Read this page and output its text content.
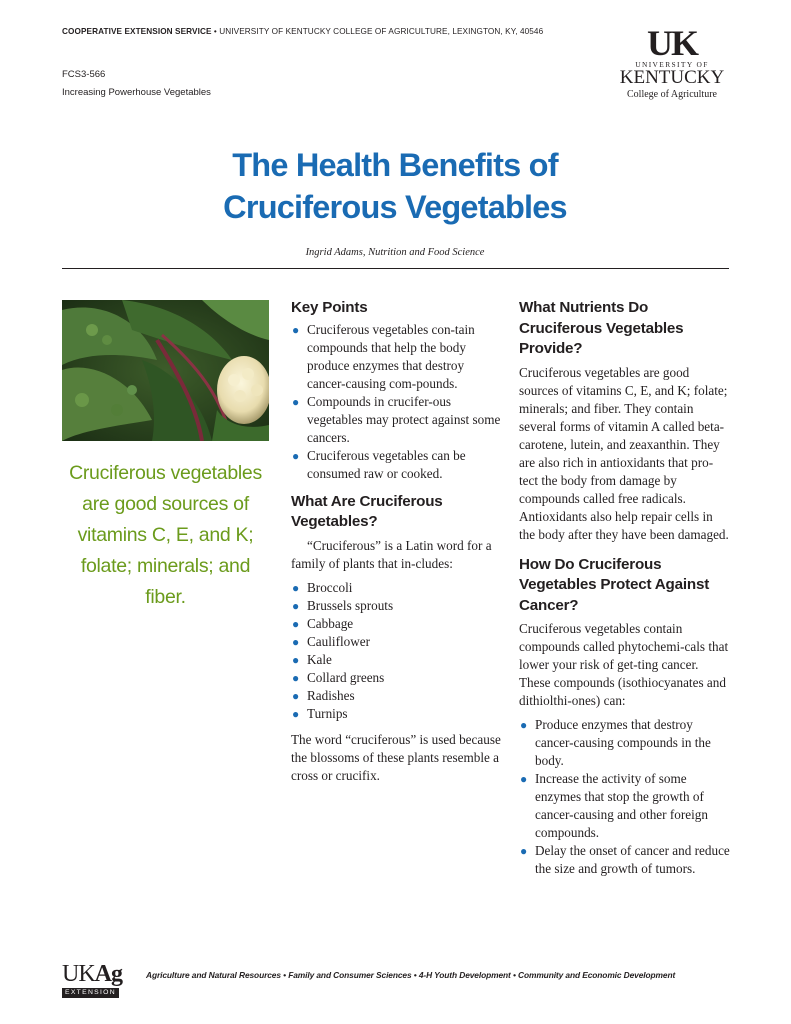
COOPERATIVE EXTENSION SERVICE • UNIVERSITY OF KENTUCKY COLLEGE OF AGRICULTURE, LEXINGTON, KY, 40546
FCS3-566
Increasing Powerhouse Vegetables
UK
UNIVERSITY OF
KENTUCKY
College of Agriculture
The Health Benefits of
Cruciferous Vegetables
Ingrid Adams, Nutrition and Food Science
Cruciferous vegetables are good sources of vitamins C, E, and K; folate; minerals; and fiber.
Key Points
● Cruciferous vegetables con-tain compounds that help the body produce enzymes that destroy cancer-causing com-pounds.
● Compounds in crucifer-ous vegetables may protect against some cancers.
● Cruciferous vegetables can be consumed raw or cooked.
What Are Cruciferous Vegetables?

“Cruciferous” is a Latin word for a family of plants that in-cludes:

● Broccoli
● Brussels sprouts
● Cabbage
● Cauliflower
● Kale
● Collard greens
● Radishes
● Turnips

The word “cruciferous” is used because the blossoms of these plants resemble a cross or crucifix.

What Nutrients Do Cruciferous Vegetables Provide?

Cruciferous vegetables are good sources of vitamins C, E, and K; folate; minerals; and fiber. They contain several forms of vitamin A called beta-carotene, lutein, and zeaxanthin. They are also rich in antioxidants that pro-tect the body from damage by compounds called free radicals. Antioxidants also help repair cells in the body after they have been damaged.

How Do Cruciferous Vegetables Protect Against Cancer?

Cruciferous vegetables contain compounds called phytochemi-cals that lower your risk of get-ting cancer. These compounds (isothiocyanates and dithiolthi-ones) can:

● Produce enzymes that destroy cancer-causing compounds in the body.
● Increase the activity of some enzymes that stop the growth of cancer-causing and other foreign compounds.
● Delay the onset of cancer and reduce the size and growth of tumors.
UKAg
EXTENSION
Agriculture and Natural Resources • Family and Consumer Sciences • 4-H Youth Development • Community and Economic Development
